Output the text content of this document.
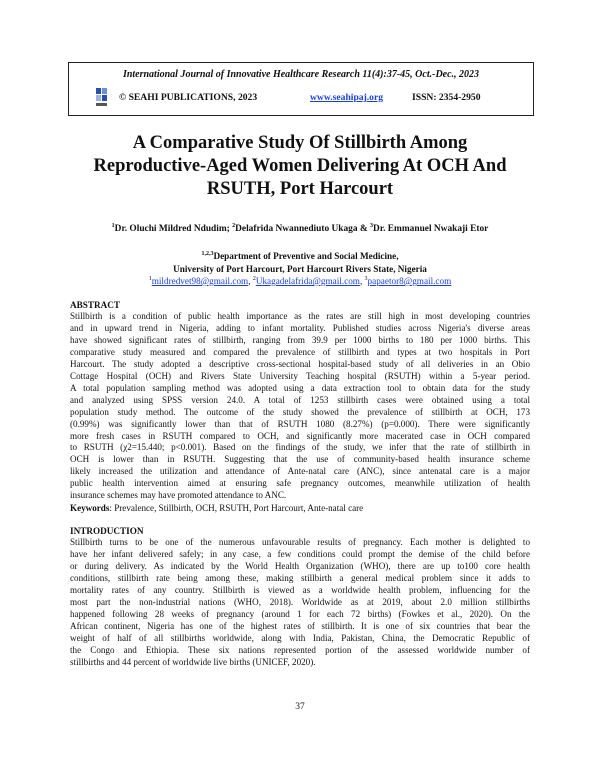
International Journal of Innovative Healthcare Research 11(4):37-45, Oct.-Dec., 2023
© SEAHI PUBLICATIONS, 2023	www.seahipaj.org	ISSN: 2354-2950
A Comparative Study Of Stillbirth Among
Reproductive-Aged Women Delivering At OCH And
RSUTH, Port Harcourt
$^1$Dr. Oluchi Mildred Ndudim; $^2$Delafrida Nwannediuto Ukaga & $^3$Dr. Emmanuel Nwakaji Etor
$^{1,2,3}$Department of Preventive and Social Medicine,
University of Port Harcourt, Port Harcourt Rivers State, Nigeria
$^1$mildredvet98@gmail.com, $^2$Ukagadelafrida@gmail.com, $^3$papaetor8@gmail.com
ABSTRACT
Stillbirth is a condition of public health importance as the rates are still high in most developing countries
and in upward trend in Nigeria, adding to infant mortality. Published studies across Nigeria's diverse areas
have showed significant rates of stillbirth, ranging from 39.9 per 1000 births to 180 per 1000 births. This
comparative study measured and compared the prevalence of stillbirth and types at two hospitals in Port
Harcourt. The study adopted a descriptive cross-sectional hospital-based study of all deliveries in an Obio
Cottage Hospital (OCH) and Rivers State University Teaching hospital (RSUTH) within a 5-year period.
A total population sampling method was adopted using a data extraction tool to obtain data for the study
and analyzed using SPSS version 24.0. A total of 1253 stillbirth cases were obtained using a total
population study method. The outcome of the study showed the prevalence of stillbirth at OCH, 173
(0.99%) was significantly lower than that of RSUTH 1080 (8.27%) (p=0.000). There were significantly
more fresh cases in RSUTH compared to OCH, and significantly more macerated case in OCH compared
to RSUTH (χ2=15.440; p<0.001). Based on the findings of the study, we infer that the rate of stillbirth in
OCH is lower than in RSUTH. Suggesting that the use of community-based health insurance scheme
likely increased the utilization and attendance of Ante-natal care (ANC), since antenatal care is a major
public health intervention aimed at ensuring safe pregnancy outcomes, meanwhile utilization of health
insurance schemes may have promoted attendance to ANC.
Keywords: Prevalence, Stillbirth, OCH, RSUTH, Port Harcourt, Ante-natal care
INTRODUCTION
Stillbirth turns to be one of the numerous unfavourable results of pregnancy. Each mother is delighted to
have her infant delivered safely; in any case, a few conditions could prompt the demise of the child before
or during delivery. As indicated by the World Health Organization (WHO), there are up to100 core health
conditions, stillbirth rate being among these, making stillbirth a general medical problem since it adds to
mortality rates of any country. Stillbirth is viewed as a worldwide health problem, influencing for the
most part the non-industrial nations (WHO, 2018). Worldwide as at 2019, about 2.0 million stillbirths
happened following 28 weeks of pregnancy (around 1 for each 72 births) (Fowkes et al., 2020). On the
African continent, Nigeria has one of the highest rates of stillbirth. It is one of six countries that bear the
weight of half of all stillbirths worldwide, along with India, Pakistan, China, the Democratic Republic of
the Congo and Ethiopia. These six nations represented portion of the assessed worldwide number of
stillbirths and 44 percent of worldwide live births (UNICEF, 2020).
37
